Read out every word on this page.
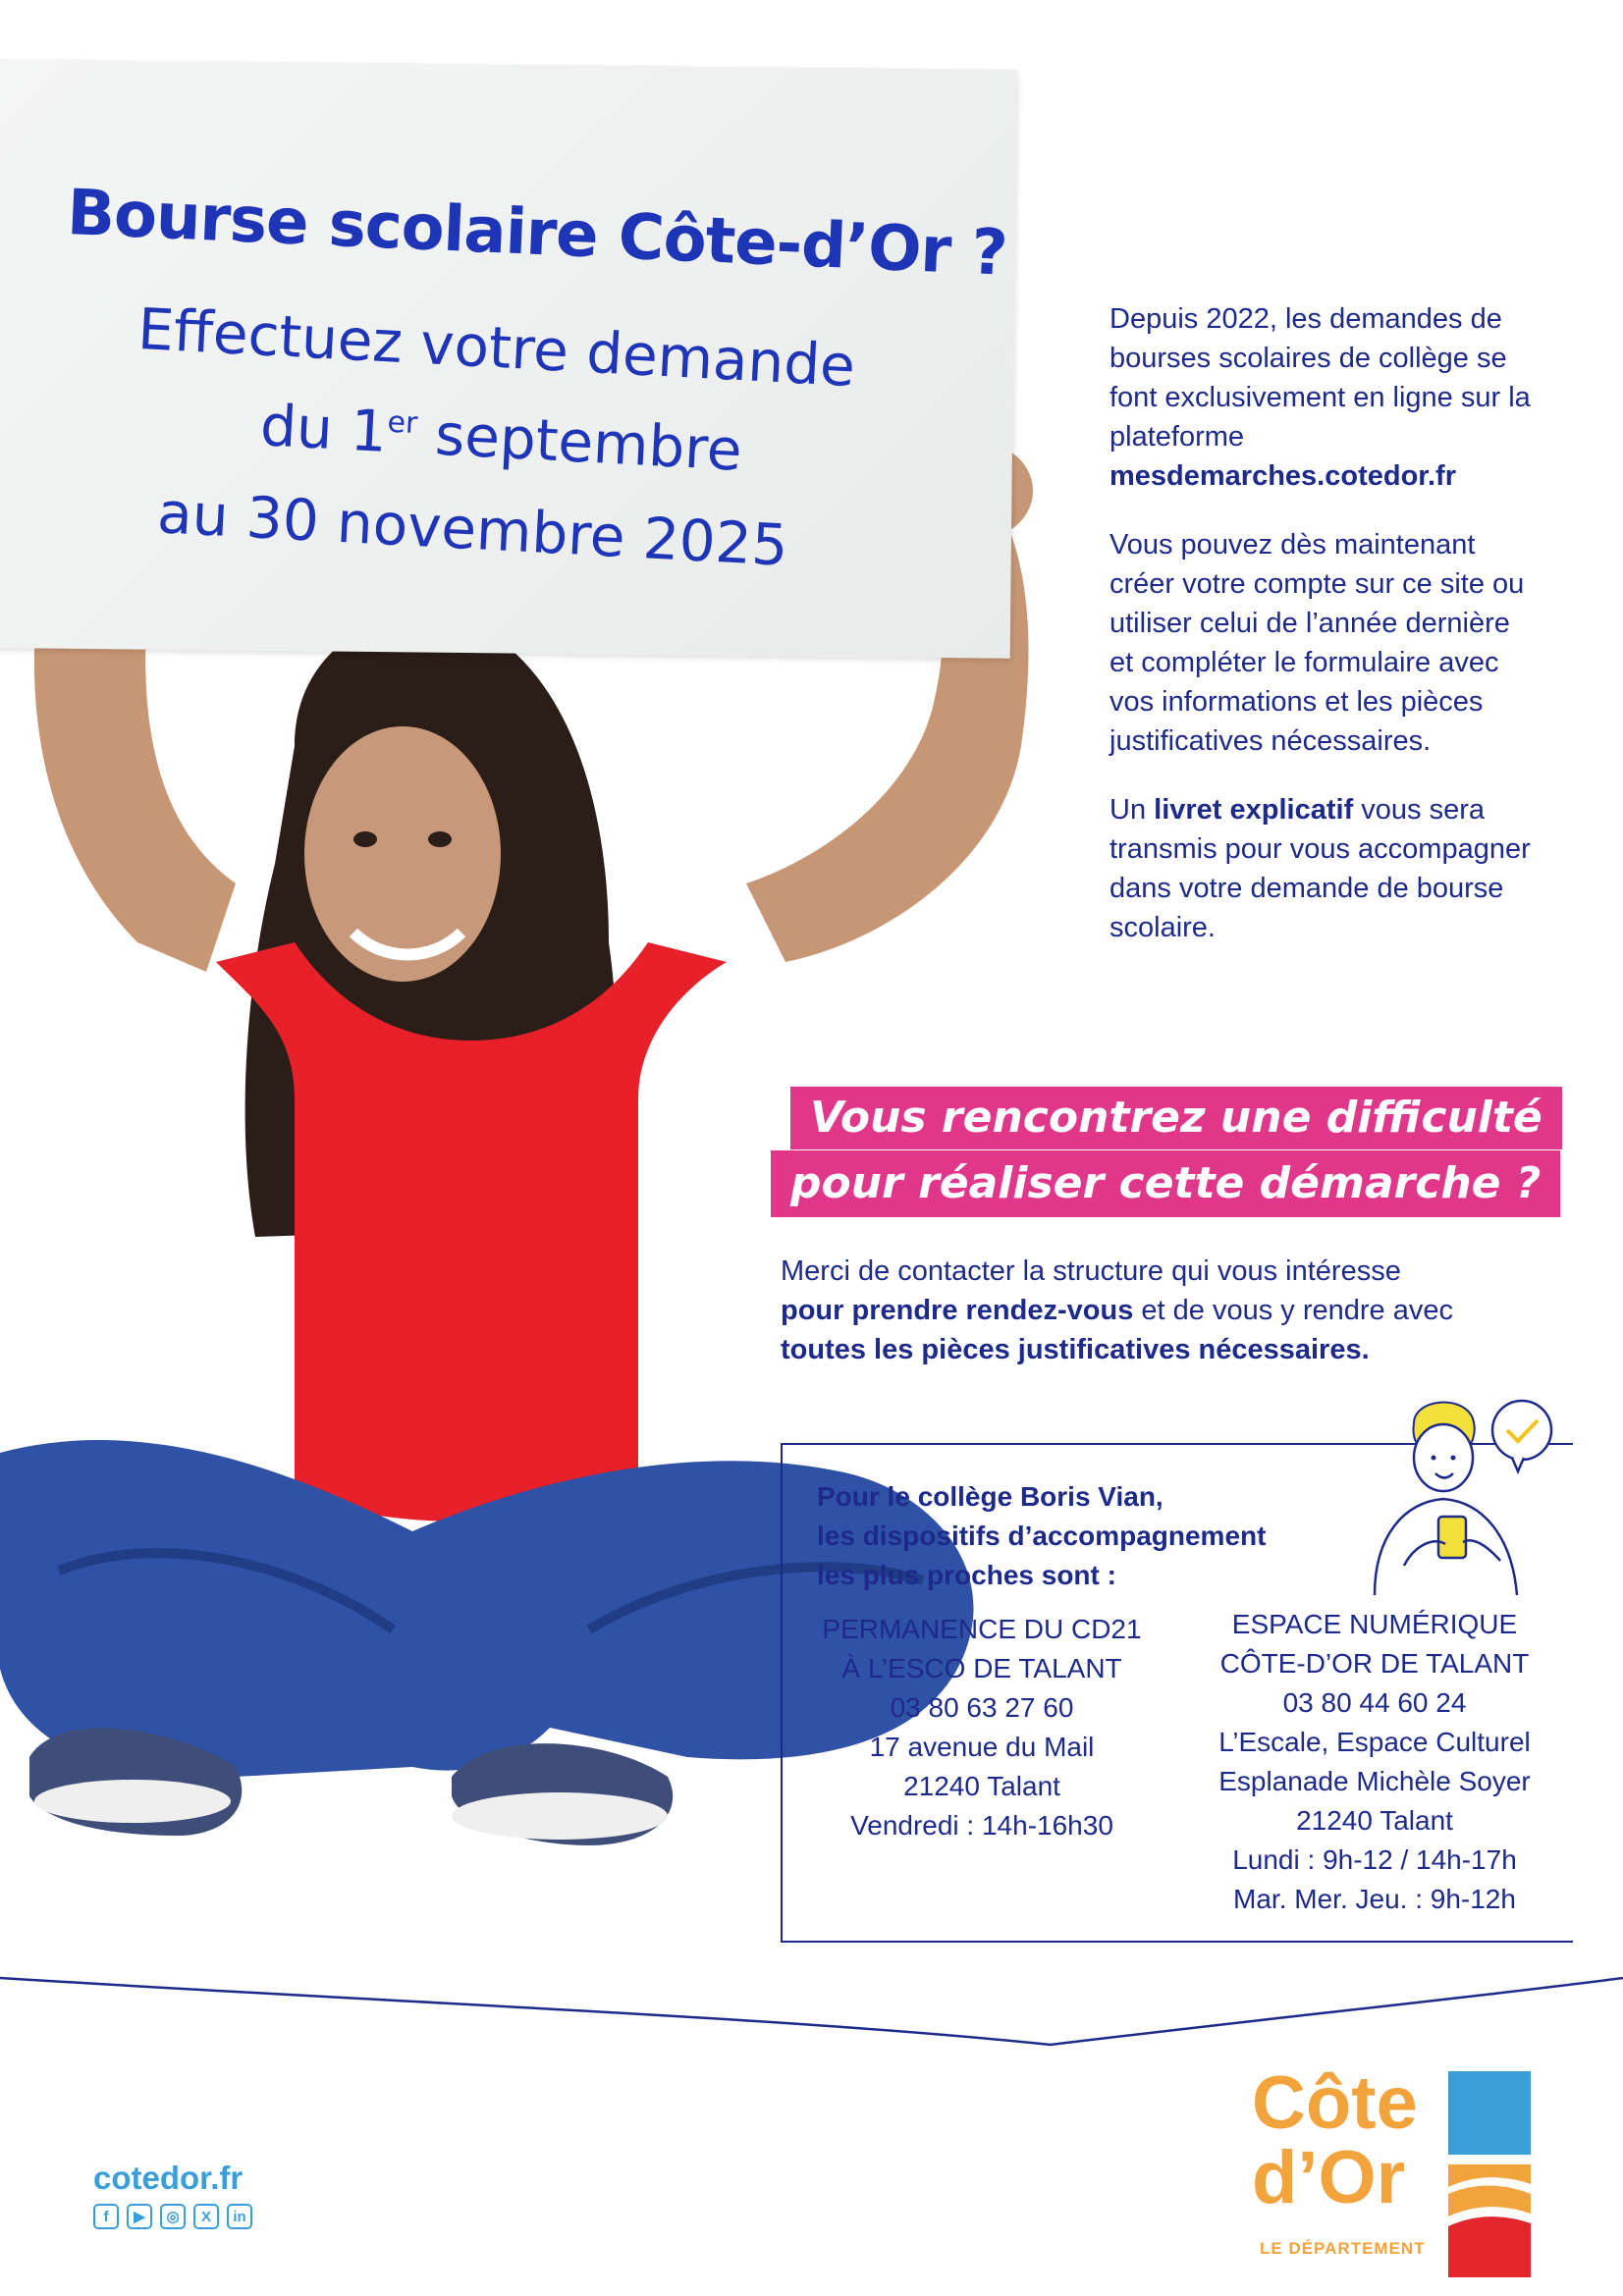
Bourse scolaire Côte-d’Or ?
Effectuez votre demande
du 1er septembre
au 30 novembre 2025

Depuis 2022, les demandes de bourses scolaires de collège se font exclusivement en ligne sur la plateforme mesdemarches.cotedor.fr

Vous pouvez dès maintenant créer votre compte sur ce site ou utiliser celui de l’année dernière et compléter le formulaire avec vos informations et les pièces justificatives nécessaires.

Un livret explicatif vous sera transmis pour vous accompagner dans votre demande de bourse scolaire.

Vous rencontrez une difficulté
pour réaliser cette démarche ?
Merci de contacter la structure qui vous intéresse
pour prendre rendez-vous et de vous y rendre avec
toutes les pièces justificatives nécessaires.
Pour le collège Boris Vian,
les dispositifs d’accompagnement
les plus proches sont :
PERMANENCE DU CD21
À L’ESCO DE TALANT
03 80 63 27 60
17 avenue du Mail
21240 Talant
Vendredi : 14h-16h30
ESPACE NUMÉRIQUE
CÔTE-D’OR DE TALANT
03 80 44 60 24
L’Escale, Espace Culturel
Esplanade Michèle Soyer
21240 Talant
Lundi : 9h-12 / 14h-17h
Mar. Mer. Jeu. : 9h-12h
cotedor.fr
f	▶	◎	X	in
Côte
d’Or
LE DÉPARTEMENT
